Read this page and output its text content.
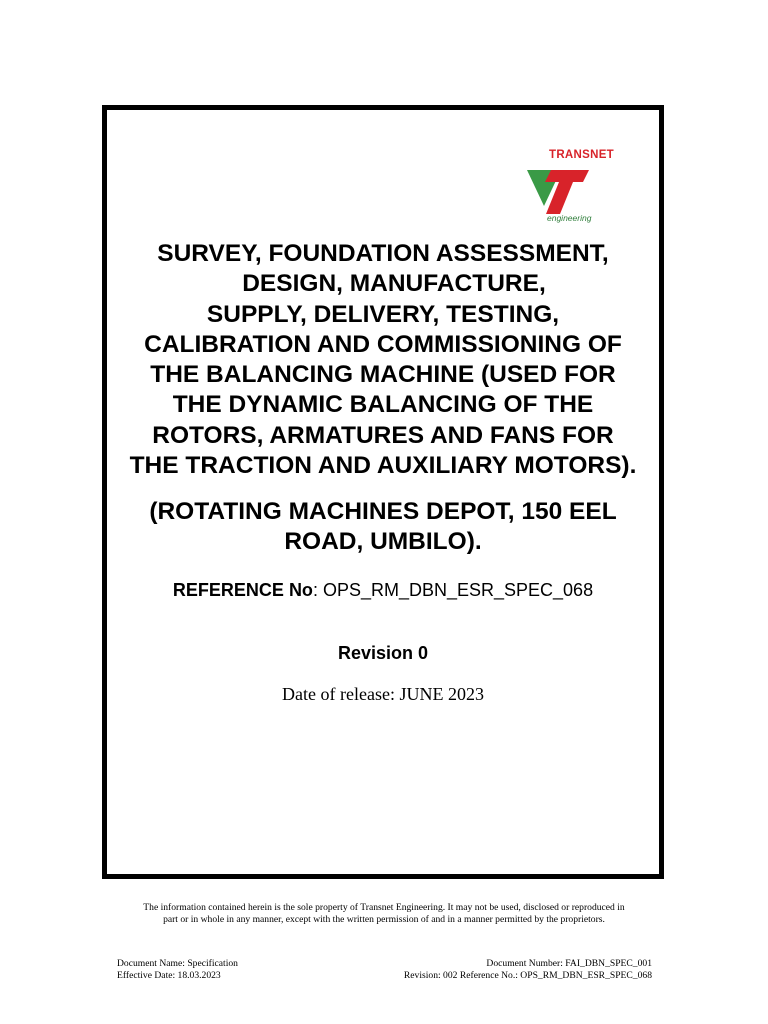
TRANSNET
engineering
SURVEY, FOUNDATION ASSESSMENT,
DESIGN, MANUFACTURE,
SUPPLY, DELIVERY, TESTING,
CALIBRATION AND COMMISSIONING OF
THE BALANCING MACHINE (USED FOR
THE DYNAMIC BALANCING OF THE
ROTORS, ARMATURES AND FANS FOR
THE TRACTION AND AUXILIARY MOTORS).
(ROTATING MACHINES DEPOT, 150 EEL
ROAD, UMBILO).
REFERENCE No: OPS_RM_DBN_ESR_SPEC_068
Revision 0
Date of release: JUNE 2023
The information contained herein is the sole property of Transnet Engineering. It may not be used, disclosed or reproduced in
part or in whole in any manner, except with the written permission of and in a manner permitted by the proprietors.
Document Name: Specification
Effective Date: 18.03.2023
Document Number: FAI_DBN_SPEC_001
Revision: 002 Reference No.: OPS_RM_DBN_ESR_SPEC_068
